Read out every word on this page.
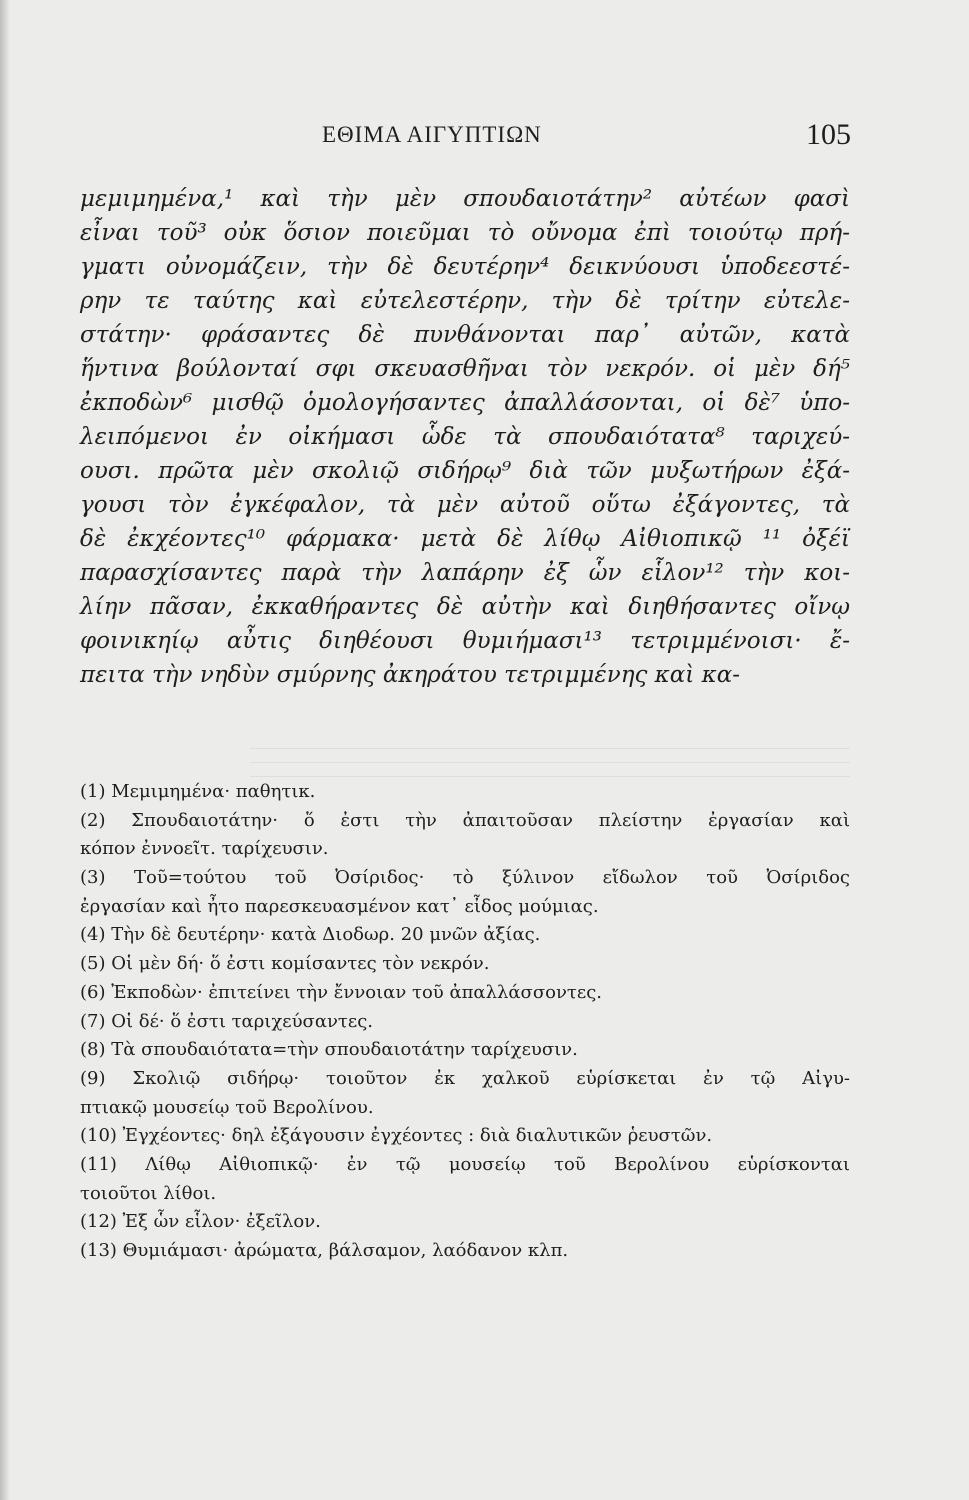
ΕΘΙΜΑ ΑΙΓΥΠΤΙΩΝ	105
μεμιμημένα,¹ καὶ τὴν μὲν σπουδαιοτάτην² αὐτέων φασὶ
εἶναι τοῦ³ οὐκ ὅσιον ποιεῦμαι τὸ οὔνομα ἐπὶ τοιούτῳ πρή-
γματι οὐνομάζειν, τὴν δὲ δευτέρην⁴ δεικνύουσι ὑποδεεστέ-
ρην τε ταύτης καὶ εὐτελεστέρην, τὴν δὲ τρίτην εὐτελε-
στάτην· φράσαντες δὲ πυνθάνονται παρ᾽ αὐτῶν, κατὰ
ἥντινα βούλονταί σφι σκευασθῆναι τὸν νεκρόν. οἱ μὲν δή⁵
ἐκποδὼν⁶ μισθῷ ὁμολογήσαντες ἀπαλλάσονται, οἱ δὲ⁷ ὑπο-
λειπόμενοι ἐν οἰκήμασι ὧδε τὰ σπουδαιότατα⁸ ταριχεύ-
ουσι. πρῶτα μὲν σκολιῷ σιδήρῳ⁹ διὰ τῶν μυξωτήρων ἐξά-
γουσι τὸν ἐγκέφαλον, τὰ μὲν αὐτοῦ οὕτω ἐξάγοντες, τὰ
δὲ ἐκχέοντες¹⁰ φάρμακα· μετὰ δὲ λίθῳ Αἰθιοπικῷ ¹¹ ὀξέϊ
παρασχίσαντες παρὰ τὴν λαπάρην ἐξ ὧν εἷλον¹² τὴν κοι-
λίην πᾶσαν, ἐκκαθήραντες δὲ αὐτὴν καὶ διηθήσαντες οἴνῳ
φοινικηίῳ αὖτις διηθέουσι θυμιήμασι¹³ τετριμμένοισι· ἔ-
πειτα τὴν νηδὺν σμύρνης ἀκηράτου τετριμμένης καὶ κα-
(1) Μεμιμημένα· παθητικ.
(2) Σπουδαιοτάτην· ὅ ἐστι τὴν ἀπαιτοῦσαν πλείστην ἐργασίαν καὶ
κόπον ἐννοεῖτ. ταρίχευσιν.
(3) Τοῦ=τούτου τοῦ Ὀσίριδος· τὸ ξύλινον εἴδωλον τοῦ Ὀσίριδος
ἐργασίαν καὶ ἦτο παρεσκευασμένον κατ᾽ εἶδος μούμιας.
(4) Τὴν δὲ δευτέρην· κατὰ Διοδωρ. 20 μνῶν ἀξίας.
(5) Οἱ μὲν δή· ὅ ἐστι κομίσαντες τὸν νεκρόν.
(6) Ἐκποδὼν· ἐπιτείνει τὴν ἔννοιαν τοῦ ἀπαλλάσσοντες.
(7) Οἱ δέ· ὅ ἐστι ταριχεύσαντες.
(8) Τὰ σπουδαιότατα=τὴν σπουδαιοτάτην ταρίχευσιν.
(9) Σκολιῷ σιδήρῳ· τοιοῦτον ἐκ χαλκοῦ εὑρίσκεται ἐν τῷ Αἰγυ-
πτιακῷ μουσείῳ τοῦ Βερολίνου.
(10) Ἐγχέοντες· δηλ ἐξάγουσιν ἐγχέοντες : διὰ διαλυτικῶν ῥευστῶν.
(11) Λίθῳ Αἰθιοπικῷ· ἐν τῷ μουσείῳ τοῦ Βερολίνου εὑρίσκονται
τοιοῦτοι λίθοι.
(12) Ἐξ ὧν εἷλον· ἐξεῖλον.
(13) Θυμιάμασι· ἀρώματα, βάλσαμον, λαόδανον κλπ.
